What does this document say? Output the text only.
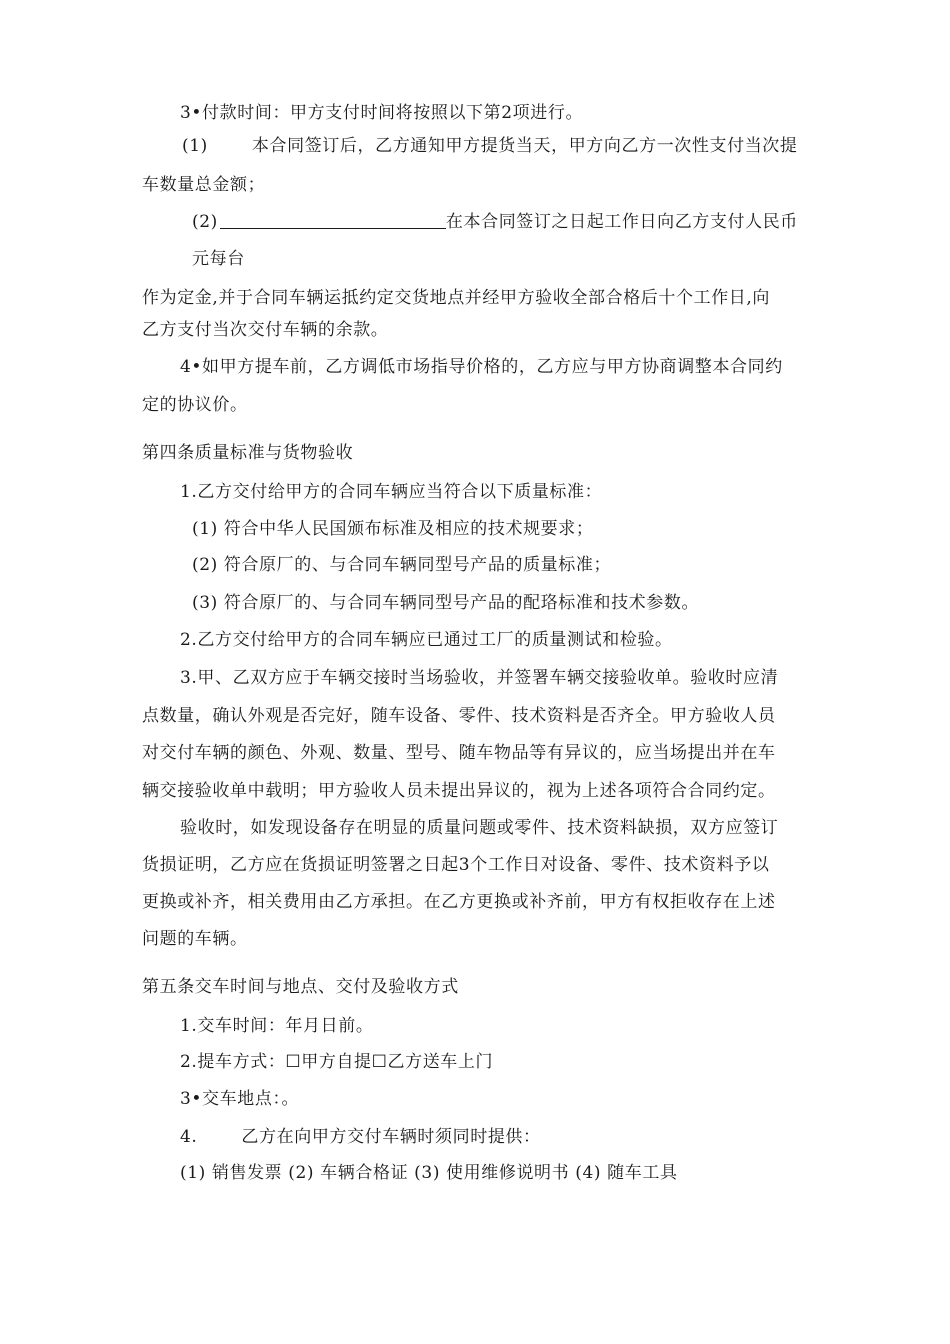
3•付款时间：甲方支付时间将按照以下第2项进行。
(1)	本合同签订后，乙方通知甲方提货当天，甲方向乙方一次性支付当次提
车数量总金额；
(2)	在本合同签订之日起工作日向乙方支付人民币
元每台
作为定金,并于合同车辆运抵约定交货地点并经甲方验收全部合格后十个工作日,向
乙方支付当次交付车辆的余款。
4•如甲方提车前，乙方调低市场指导价格的，乙方应与甲方协商调整本合同约
定的协议价。
第四条质量标准与货物验收
1.乙方交付给甲方的合同车辆应当符合以下质量标准：
(1) 符合中华人民国颁布标准及相应的技术规要求；
(2) 符合原厂的、与合同车辆同型号产品的质量标准；
(3) 符合原厂的、与合同车辆同型号产品的配珞标准和技术参数。
2.乙方交付给甲方的合同车辆应已通过工厂的质量测试和检验。
3.甲、乙双方应于车辆交接时当场验收，并签署车辆交接验收单。验收时应清
点数量，确认外观是否完好，随车设备、零件、技术资料是否齐全。甲方验收人员
对交付车辆的颜色、外观、数量、型号、随车物品等有异议的，应当场提出并在车
辆交接验收单中载明；甲方验收人员未提出异议的，视为上述各项符合合同约定。
验收时，如发现设备存在明显的质量问题或零件、技术资料缺损，双方应签订
货损证明，乙方应在货损证明签署之日起3个工作日对设备、零件、技术资料予以
更换或补齐，相关费用由乙方承担。在乙方更换或补齐前，甲方有权拒收存在上述
问题的车辆。
第五条交车时间与地点、交付及验收方式
1.交车时间：年月日前。
2.提车方式：☐甲方自提☐乙方送车上门
3•交车地点：。
4.	乙方在向甲方交付车辆时须同时提供：
(1) 销售发票 (2) 车辆合格证 (3) 使用维修说明书 (4) 随车工具
